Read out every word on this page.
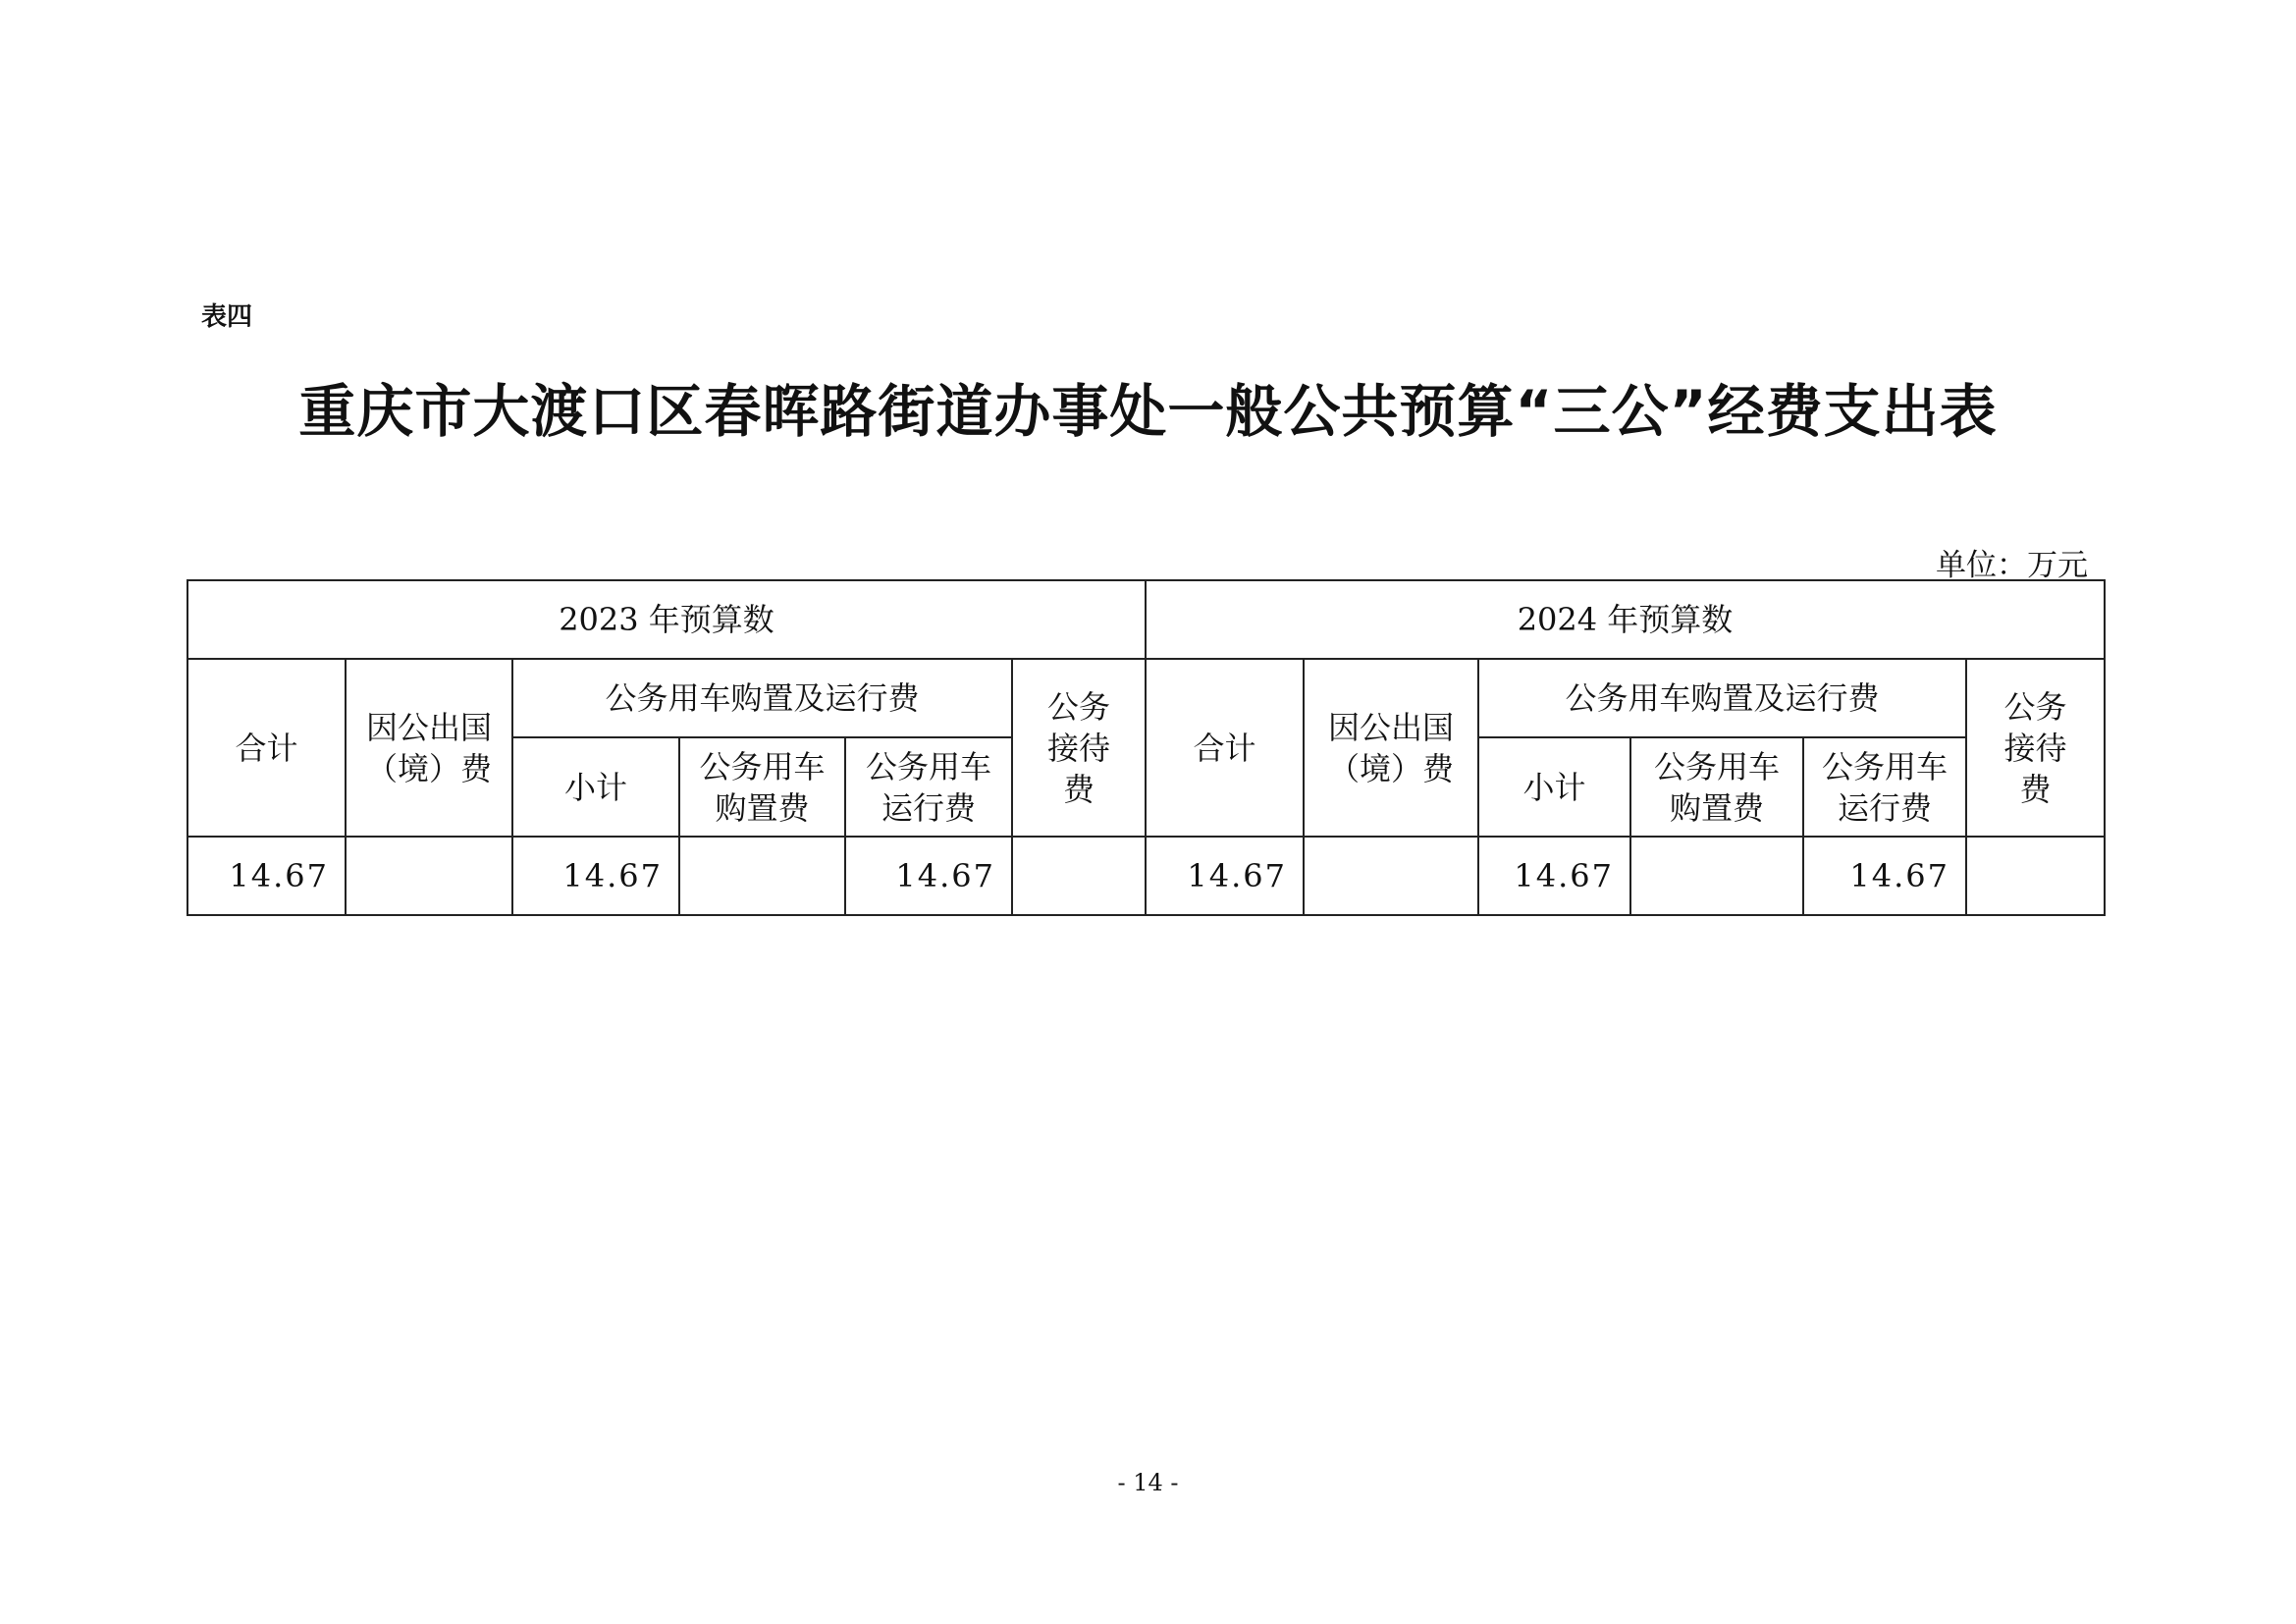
表四
重庆市大渡口区春晖路街道办事处一般公共预算“三公”经费支出表
单位：万元
2023 年预算数						2024 年预算数					
合计	因公出国（境）费	公务用车购置及运行费			公务接待费	合计	因公出国（境）费	公务用车购置及运行费			公务接待费
		小计	公务用车购置费	公务用车运行费				小计	公务用车购置费	公务用车运行费	
14.67		14.67		14.67		14.67		14.67		14.67	
- 14 -
